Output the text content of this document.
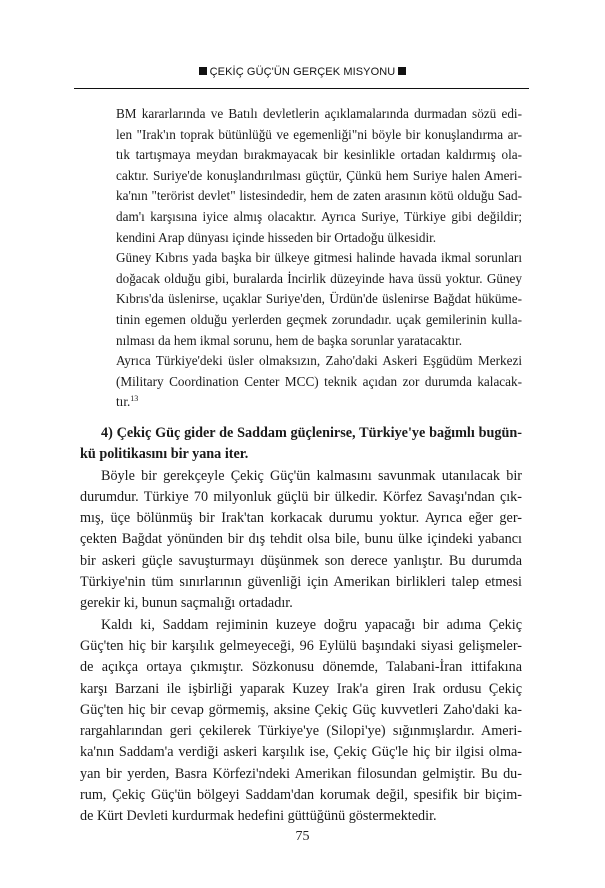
ÇEKİÇ GÜÇ'ÜN GERÇEK MISYONU
BM kararlarında ve Batılı devletlerin açıklamalarında durmadan sözü edi-
len "Irak'ın toprak bütünlüğü ve egemenliği"ni böyle bir konuşlandırma ar-
tık tartışmaya meydan bırakmayacak bir kesinlikle ortadan kaldırmış ola-
caktır. Suriye'de konuşlandırılması güçtür, Çünkü hem Suriye halen Ameri-
ka'nın "terörist devlet" listesindedir, hem de zaten arasının kötü olduğu Sad-
dam'ı karşısına iyice almış olacaktır. Ayrıca Suriye, Türkiye gibi değildir;
kendini Arap dünyası içinde hisseden bir Ortadoğu ülkesidir.
Güney Kıbrıs yada başka bir ülkeye gitmesi halinde havada ikmal sorunları
doğacak olduğu gibi, buralarda İncirlik düzeyinde hava üssü yoktur. Güney
Kıbrıs'da üslenirse, uçaklar Suriye'den, Ürdün'de üslenirse Bağdat hüküme-
tinin egemen olduğu yerlerden geçmek zorundadır. uçak gemilerinin kulla-
nılması da hem ikmal sorunu, hem de başka sorunlar yaratacaktır.
Ayrıca Türkiye'deki üsler olmaksızın, Zaho'daki Askeri Eşgüdüm Merkezi
(Military Coordination Center MCC) teknik açıdan zor durumda kalacak-
tır.$^{13}$
4) Çekiç Güç gider de Saddam güçlenirse, Türkiye'ye bağımlı bugün-
kü politikasını bir yana iter.
Böyle bir gerekçeyle Çekiç Güç'ün kalmasını savunmak utanılacak bir
durumdur. Türkiye 70 milyonluk güçlü bir ülkedir. Körfez Savaşı'ndan çık-
mış, üçe bölünmüş bir Irak'tan korkacak durumu yoktur. Ayrıca eğer ger-
çekten Bağdat yönünden bir dış tehdit olsa bile, bunu ülke içindeki yabancı
bir askeri güçle savuşturmayı düşünmek son derece yanlıştır. Bu durumda
Türkiye'nin tüm sınırlarının güvenliği için Amerikan birlikleri talep etmesi
gerekir ki, bunun saçmalığı ortadadır.
Kaldı ki, Saddam rejiminin kuzeye doğru yapacağı bir adıma Çekiç
Güç'ten hiç bir karşılık gelmeyeceği, 96 Eylülü başındaki siyasi gelişmeler-
de açıkça ortaya çıkmıştır. Sözkonusu dönemde, Talabani-İran ittifakına
karşı Barzani ile işbirliği yaparak Kuzey Irak'a giren Irak ordusu Çekiç
Güç'ten hiç bir cevap görmemiş, aksine Çekiç Güç kuvvetleri Zaho'daki ka-
rargahlarından geri çekilerek Türkiye'ye (Silopi'ye) sığınmışlardır. Ameri-
ka'nın Saddam'a verdiği askeri karşılık ise, Çekiç Güç'le hiç bir ilgisi olma-
yan bir yerden, Basra Körfezi'ndeki Amerikan filosundan gelmiştir. Bu du-
rum, Çekiç Güç'ün bölgeyi Saddam'dan korumak değil, spesifik bir biçim-
de Kürt Devleti kurdurmak hedefini güttüğünü göstermektedir.
75
